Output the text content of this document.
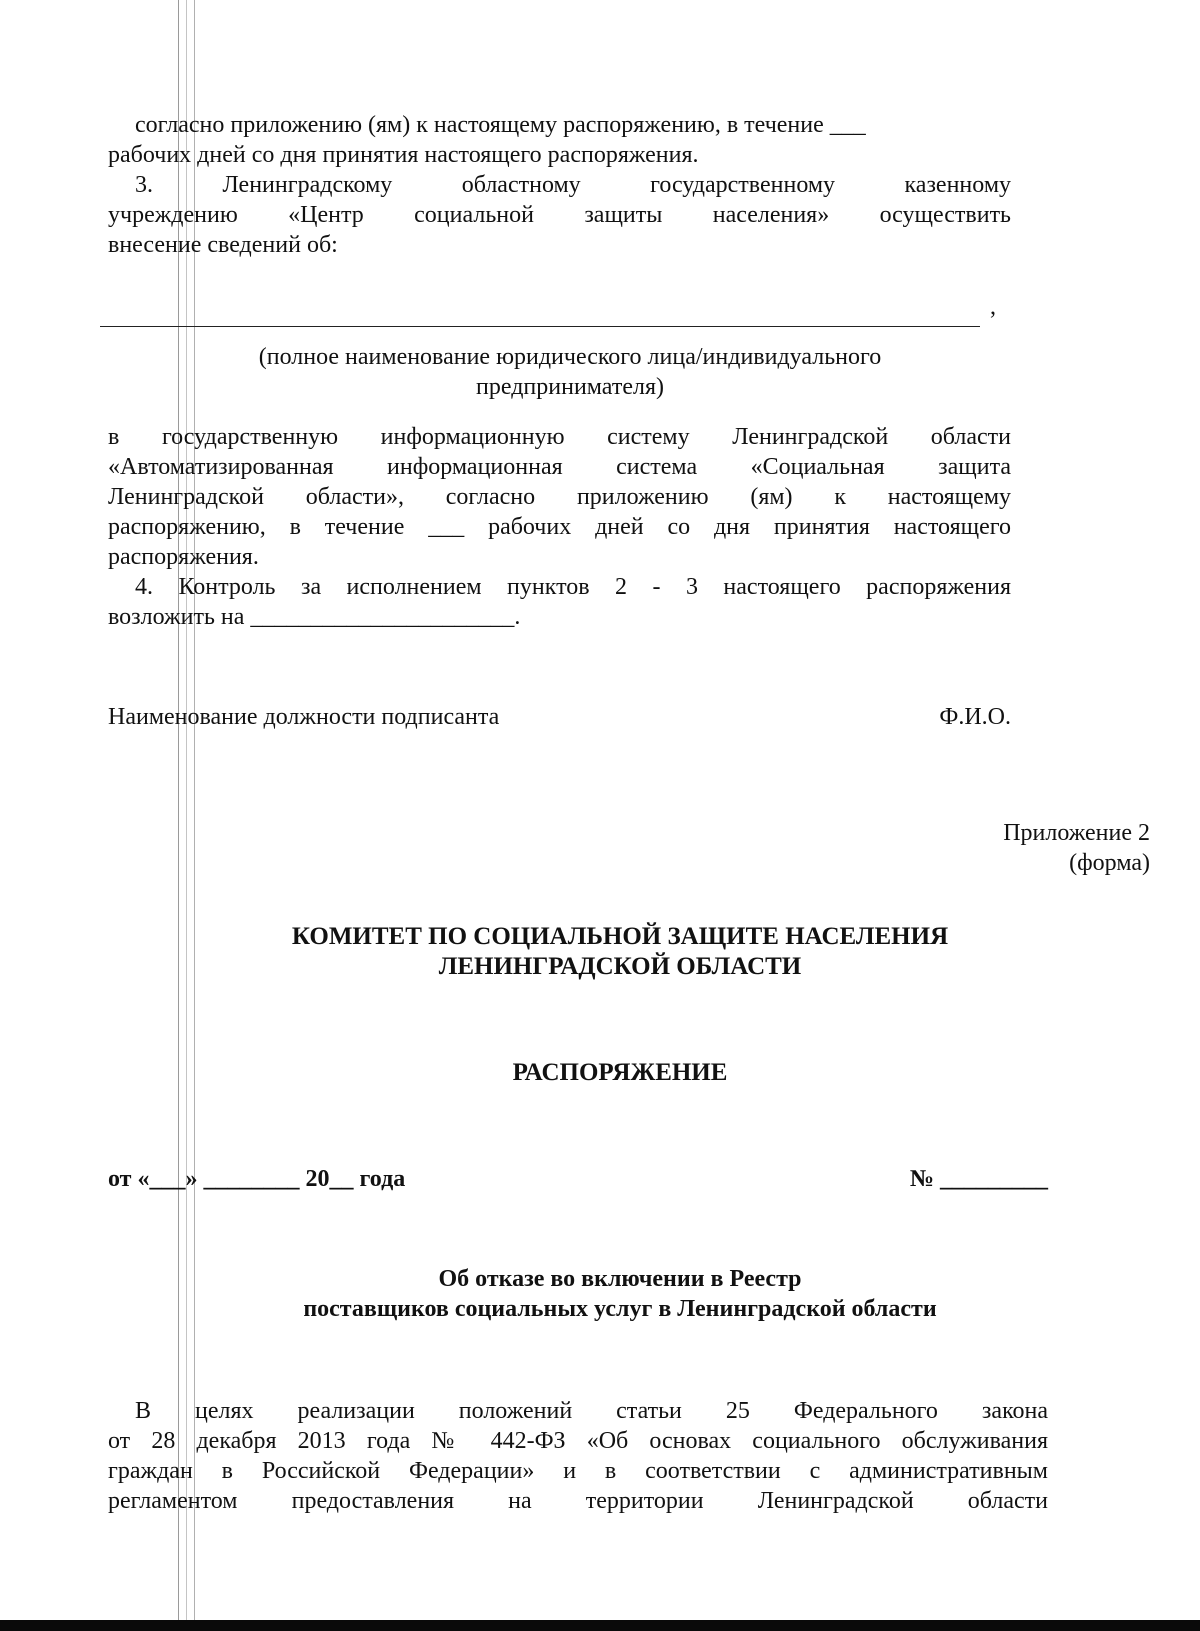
согласно приложению (ям) к настоящему распоряжению, в течение ___
рабочих дней со дня принятия настоящего распоряжения.
3. Ленинградскому областному государственному казенному
учреждению «Центр социальной защиты населения» осуществить
внесение сведений об:
,
(полное наименование юридического лица/индивидуального
предпринимателя)
в государственную информационную систему Ленинградской области
«Автоматизированная информационная система «Социальная защита
Ленинградской области», согласно приложению (ям) к настоящему
распоряжению, в течение ___ рабочих дней со дня принятия настоящего
распоряжения.
4. Контроль за исполнением пунктов 2 - 3 настоящего распоряжения
возложить на ______________________.
Наименование должности подписанта	Ф.И.О.
Приложение 2
(форма)
КОМИТЕТ ПО СОЦИАЛЬНОЙ ЗАЩИТЕ НАСЕЛЕНИЯ
ЛЕНИНГРАДСКОЙ ОБЛАСТИ
РАСПОРЯЖЕНИЕ
от «___» ________ 20__ года	№ _________
Об отказе во включении в Реестр
поставщиков социальных услуг в Ленинградской области
В целях реализации положений статьи 25 Федерального закона
от 28 декабря 2013 года № 442-ФЗ «Об основах социального обслуживания
граждан в Российской Федерации» и в соответствии с административным
регламентом предоставления на территории Ленинградской области
